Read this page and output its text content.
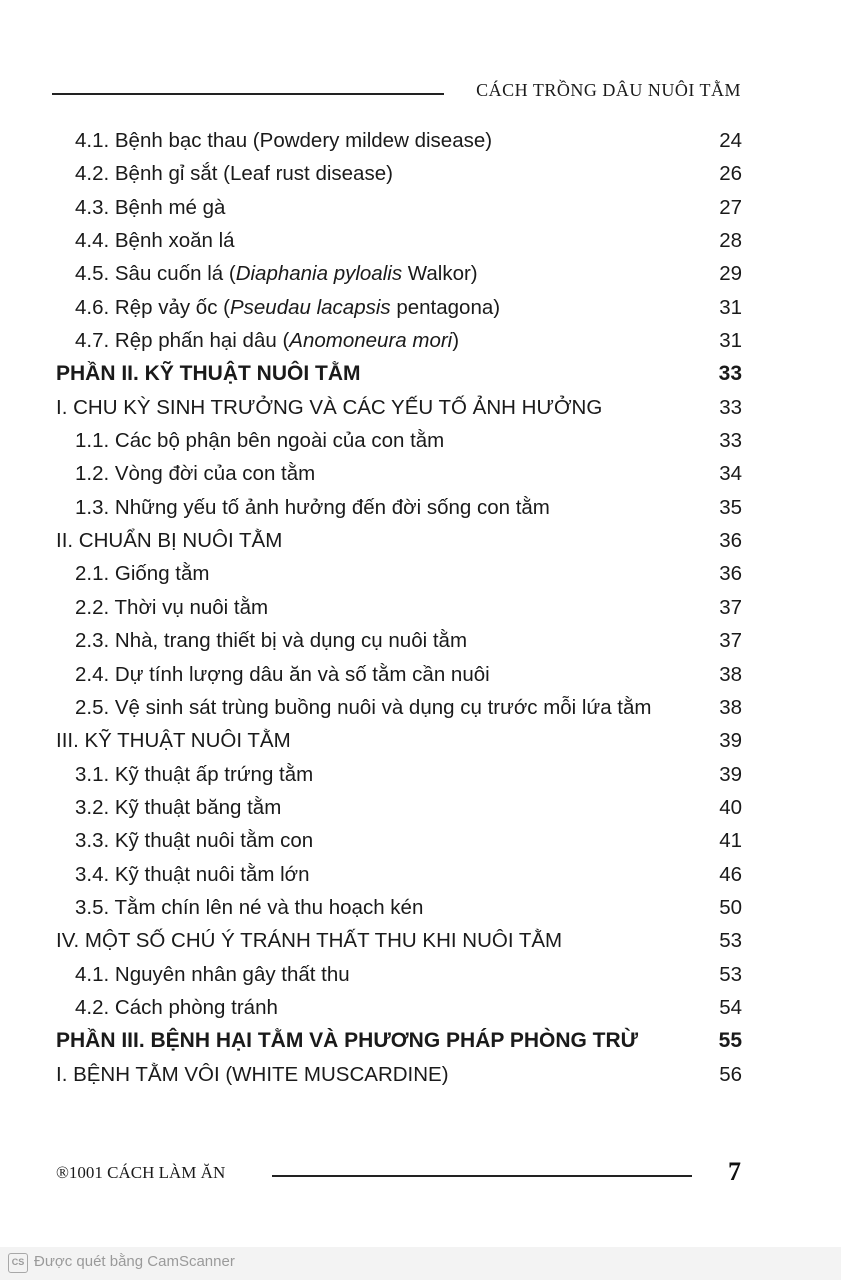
CÁCH TRỒNG DÂU NUÔI TẰM
4.1. Bệnh bạc thau (Powdery mildew disease)	24
4.2. Bệnh gỉ sắt (Leaf rust disease)	26
4.3. Bệnh mé gà	27
4.4. Bệnh xoăn lá	28
4.5. Sâu cuốn lá (Diaphania pyloalis Walkor)	29
4.6. Rệp vảy ốc (Pseudau lacapsis pentagona)	31
4.7. Rệp phấn hại dâu (Anomoneura mori)	31
PHẦN II. KỸ THUẬT NUÔI TẰM	33
I. CHU KỲ SINH TRƯỞNG VÀ CÁC YẾU TỐ ẢNH HƯỞNG	33
1.1. Các bộ phận bên ngoài của con tằm	33
1.2. Vòng đời của con tằm	34
1.3. Những yếu tố ảnh hưởng đến đời sống con tằm	35
II. CHUẨN BỊ NUÔI TẰM	36
2.1. Giống tằm	36
2.2. Thời vụ nuôi tằm	37
2.3. Nhà, trang thiết bị và dụng cụ nuôi tằm	37
2.4. Dự tính lượng dâu ăn và số tằm cần nuôi	38
2.5. Vệ sinh sát trùng buồng nuôi và dụng cụ trước mỗi lứa tằm	38
III. KỸ THUẬT NUÔI TẰM	39
3.1. Kỹ thuật ấp trứng tằm	39
3.2. Kỹ thuật băng tằm	40
3.3. Kỹ thuật nuôi tằm con	41
3.4. Kỹ thuật nuôi tằm lớn	46
3.5. Tằm chín lên né và thu hoạch kén	50
IV. MỘT SỐ CHÚ Ý TRÁNH THẤT THU KHI NUÔI TẰM	53
4.1. Nguyên nhân gây thất thu	53
4.2. Cách phòng tránh	54
PHẦN III. BỆNH HẠI TẰM VÀ PHƯƠNG PHÁP PHÒNG TRỪ	55
I. BỆNH TẰM VÔI (WHITE MUSCARDINE)	56
®1001 CÁCH LÀM ĂN	7
CS Được quét bằng CamScanner
